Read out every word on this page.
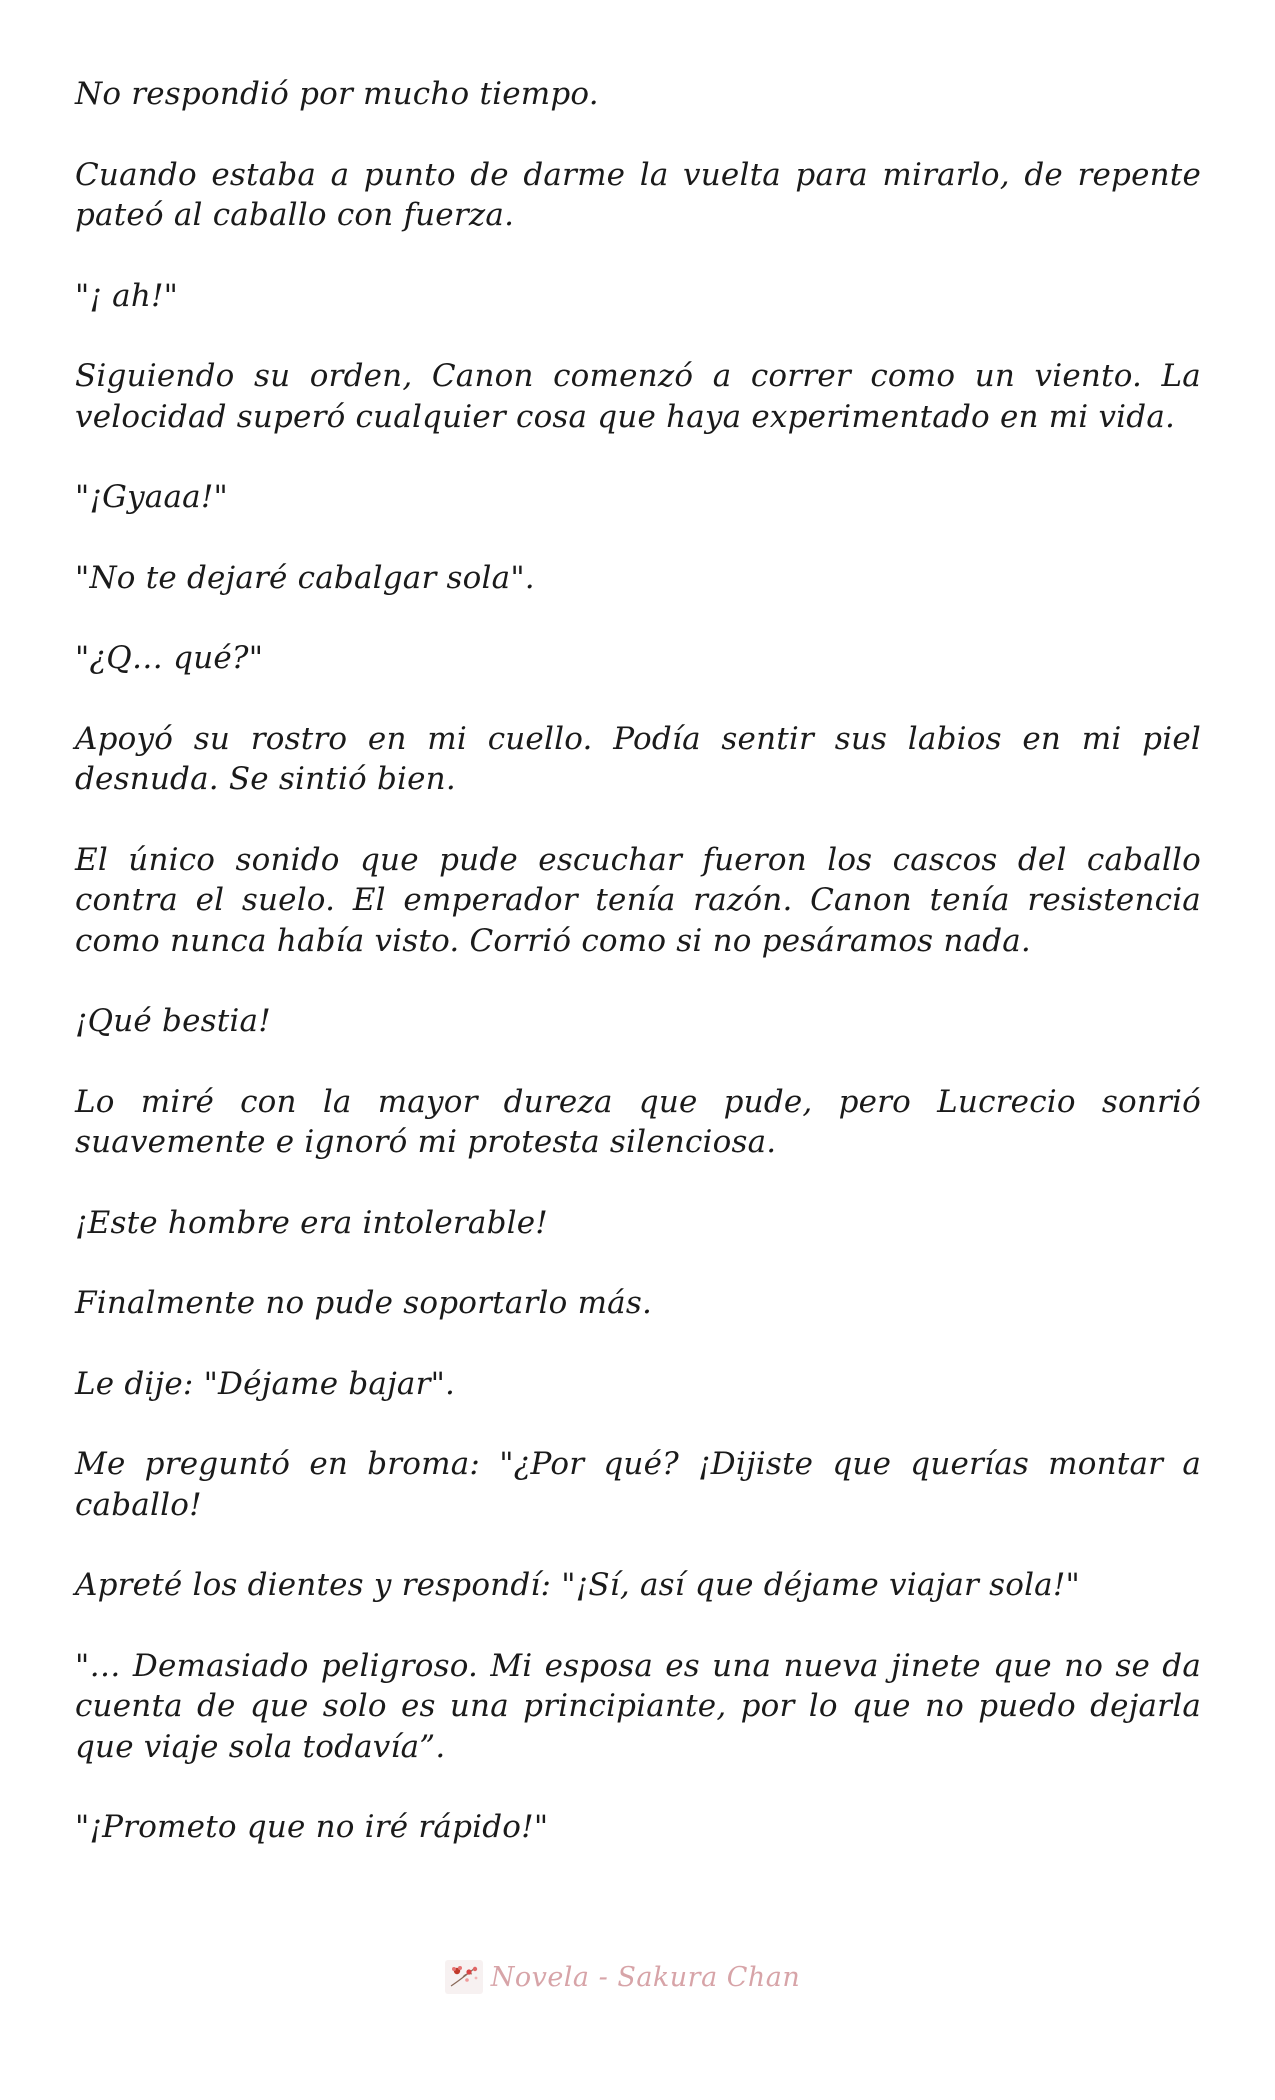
No respondió por mucho tiempo.

Cuando estaba a punto de darme la vuelta para mirarlo, de repente pateó al caballo con fuerza.

"¡ ah!"

Siguiendo su orden, Canon comenzó a correr como un viento. La velocidad superó cualquier cosa que haya experimentado en mi vida.

"¡Gyaaa!"

"No te dejaré cabalgar sola".

"¿Q… qué?"

Apoyó su rostro en mi cuello. Podía sentir sus labios en mi piel desnuda. Se sintió bien.

El único sonido que pude escuchar fueron los cascos del caballo contra el suelo. El emperador tenía razón. Canon tenía resistencia como nunca había visto. Corrió como si no pesáramos nada.

¡Qué bestia!

Lo miré con la mayor dureza que pude, pero Lucrecio sonrió suavemente e ignoró mi protesta silenciosa.

¡Este hombre era intolerable!

Finalmente no pude soportarlo más.

Le dije: "Déjame bajar".

Me preguntó en broma: "¿Por qué? ¡Dijiste que querías montar a caballo!

Apreté los dientes y respondí: "¡Sí, así que déjame viajar sola!"

"… Demasiado peligroso. Mi esposa es una nueva jinete que no se da cuenta de que solo es una principiante, por lo que no puedo dejarla que viaje sola todavía”.

"¡Prometo que no iré rápido!"

Novela - Sakura Chan
